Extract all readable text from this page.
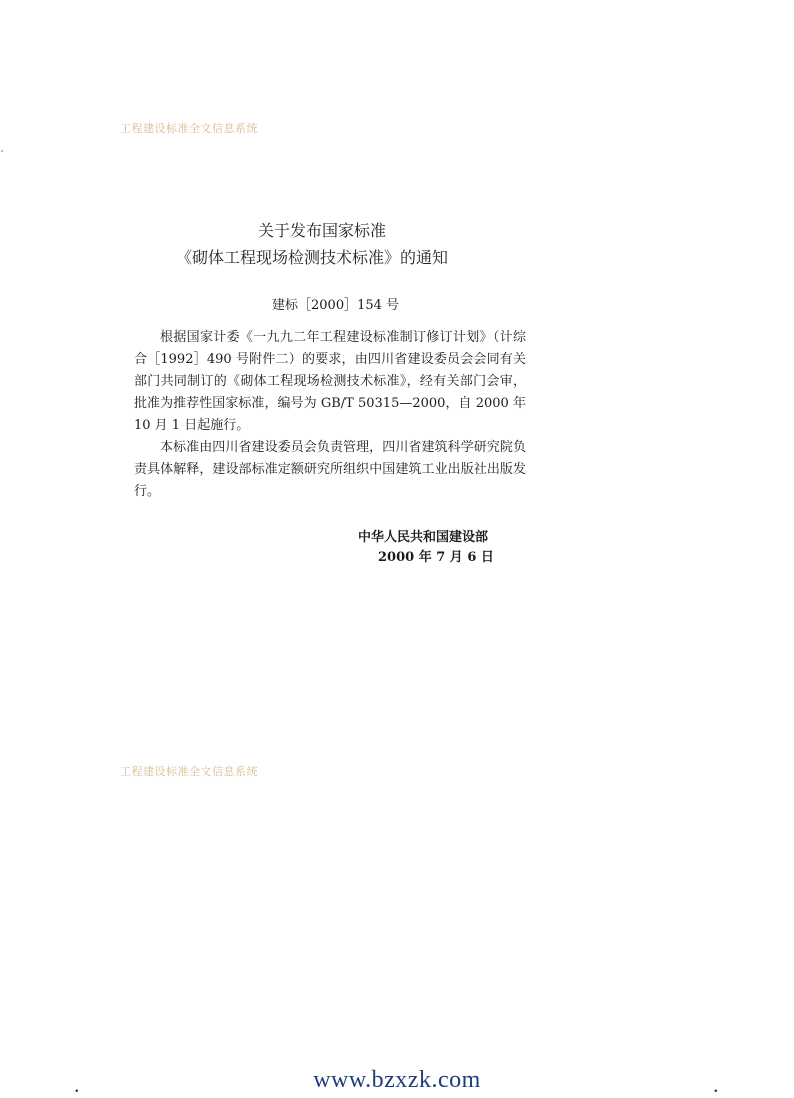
工程建设标准全文信息系统
关于发布国家标准
《砌体工程现场检测技术标准》的通知
建标［2000］154 号
根据国家计委《一九九二年工程建设标准制订修订计划》（计综合［1992］490 号附件二）的要求，由四川省建设委员会会同有关部门共同制订的《砌体工程现场检测技术标准》，经有关部门会审，批准为推荐性国家标准，编号为 GB/T 50315—2000，自 2000 年 10 月 1 日起施行。
本标准由四川省建设委员会负责管理，四川省建筑科学研究院负责具体解释，建设部标准定额研究所组织中国建筑工业出版社出版发行。
中华人民共和国建设部
2000 年 7 月 6 日
工程建设标准全文信息系统
.	www.bzxzk.com	.
